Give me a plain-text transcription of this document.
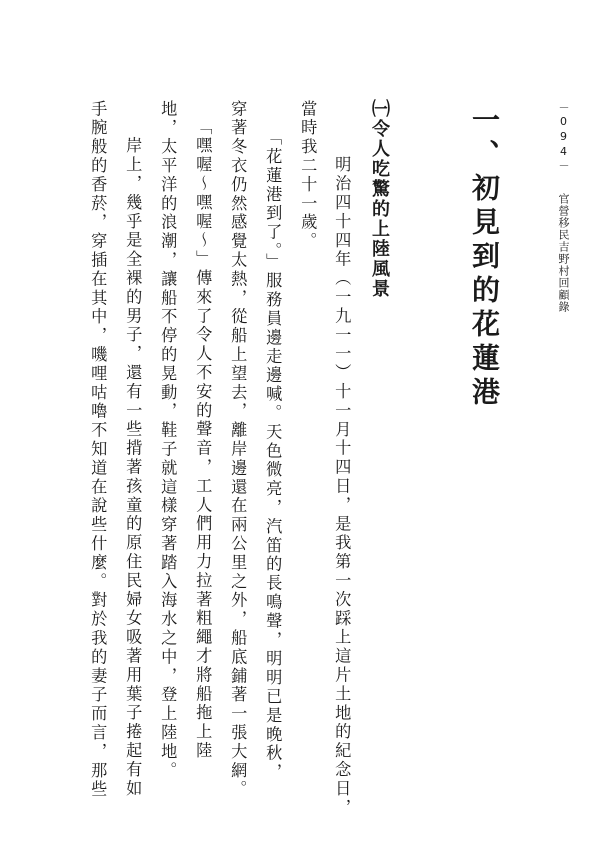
－094－
官營移民吉野村回顧錄
一、初見到的花蓮港
㈠令人吃驚的上陸風景
　明治四十四年（一九一一）十一月十四日，是我第一次踩上這片土地的紀念日，
當時我二十一歲。
　「花蓮港到了。」服務員邊走邊喊。天色微亮，汽笛的長鳴聲，明明已是晚秋，
穿著冬衣仍然感覺太熱，從船上望去，離岸邊還在兩公里之外，船底鋪著一張大網。
「嘿喔～嘿喔～」傳來了令人不安的聲音，工人們用力拉著粗繩才將船拖上陸
地，太平洋的浪潮，讓船不停的晃動，鞋子就這樣穿著踏入海水之中，登上陸地。
　岸上，幾乎是全裸的男子，還有一些揹著孩童的原住民婦女吸著用葉子捲起有如
手腕般的香菸，穿插在其中，嘰哩咕嚕不知道在說些什麼。對於我的妻子而言，那些
